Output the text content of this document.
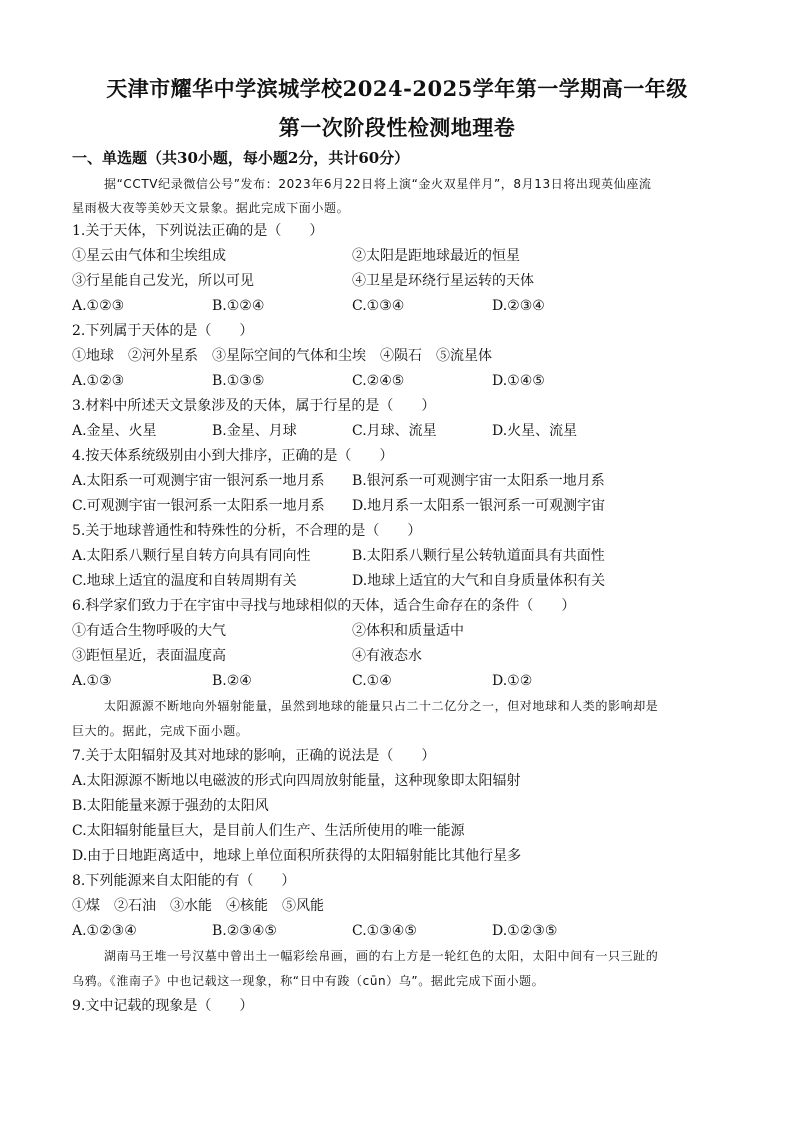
天津市耀华中学滨城学校2024-2025学年第一学期高一年级
第一次阶段性检测地理卷
一、单选题（共30小题，每小题2分，共计60分）
据“CCTV纪录微信公号”发布：2023年6月22日将上演“金火双星伴月”，8月13日将出现英仙座流
星雨极大夜等美妙天文景象。据此完成下面小题。
1.关于天体，下列说法正确的是（　　）
①星云由气体和尘埃组成	②太阳是距地球最近的恒星
③行星能自己发光，所以可见	④卫星是环绕行星运转的天体
A.①②③	B.①②④	C.①③④	D.②③④
2.下列属于天体的是（　　）
①地球　②河外星系　③星际空间的气体和尘埃　④陨石　⑤流星体
A.①②③	B.①③⑤	C.②④⑤	D.①④⑤
3.材料中所述天文景象涉及的天体，属于行星的是（　　）
A.金星、火星	B.金星、月球	C.月球、流星	D.火星、流星
4.按天体系统级别由小到大排序，正确的是（　　）
A.太阳系一可观测宇宙一银河系一地月系 B.银河系一可观测宇宙一太阳系一地月系
C.可观测宇宙一银河系一太阳系一地月系 D.地月系一太阳系一银河系一可观测宇宙
5.关于地球普通性和特殊性的分析，不合理的是（　　）
A.太阳系八颗行星自转方向具有同向性	B.太阳系八颗行星公转轨道面具有共面性
C.地球上适宜的温度和自转周期有关	D.地球上适宜的大气和自身质量体积有关
6.科学家们致力于在宇宙中寻找与地球相似的天体，适合生命存在的条件（　　）
①有适合生物呼吸的大气	②体积和质量适中
③距恒星近，表面温度高	④有液态水
A.①③	B.②④	C.①④	D.①②
太阳源源不断地向外辐射能量，虽然到地球的能量只占二十二亿分之一，但对地球和人类的影响却是
巨大的。据此，完成下面小题。
7.关于太阳辐射及其对地球的影响，正确的说法是（　　）
A.太阳源源不断地以电磁波的形式向四周放射能量，这种现象即太阳辐射
B.太阳能量来源于强劲的太阳风
C.太阳辐射能量巨大，是目前人们生产、生活所使用的唯一能源
D.由于日地距离适中，地球上单位面积所获得的太阳辐射能比其他行星多
8.下列能源来自太阳能的有（　　）
①煤　②石油　③水能　④核能　⑤风能
A.①②③④	B.②③④⑤	C.①③④⑤	D.①②③⑤
湖南马王堆一号汉墓中曾出土一幅彩绘帛画，画的右上方是一轮红色的太阳，太阳中间有一只三趾的
乌鸦。《淮南子》中也记载这一现象，称“日中有踆（cūn）乌”。据此完成下面小题。
9.文中记载的现象是（　　）
